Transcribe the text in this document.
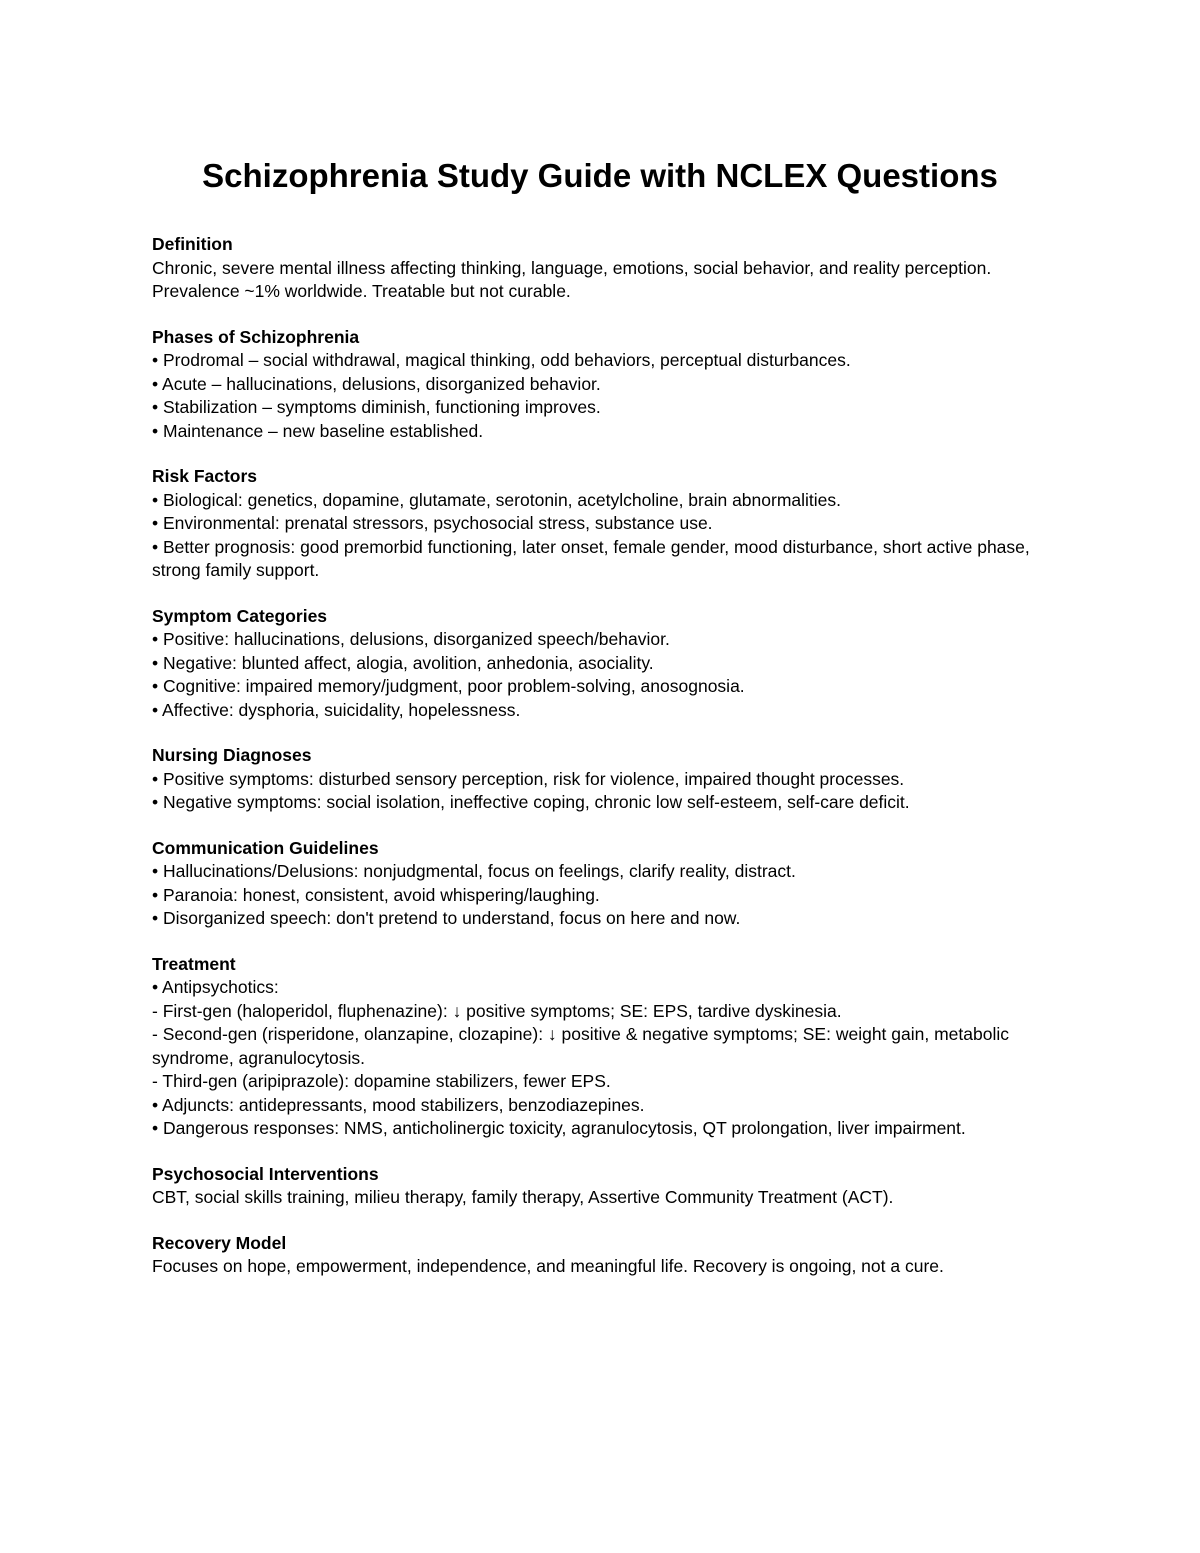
Schizophrenia Study Guide with NCLEX Questions

Definition

Chronic, severe mental illness affecting thinking, language, emotions, social behavior, and reality perception. Prevalence ~1% worldwide. Treatable but not curable.

Phases of Schizophrenia

• Prodromal – social withdrawal, magical thinking, odd behaviors, perceptual disturbances.

• Acute – hallucinations, delusions, disorganized behavior.

• Stabilization – symptoms diminish, functioning improves.

• Maintenance – new baseline established.

Risk Factors

• Biological: genetics, dopamine, glutamate, serotonin, acetylcholine, brain abnormalities.

• Environmental: prenatal stressors, psychosocial stress, substance use.

• Better prognosis: good premorbid functioning, later onset, female gender, mood disturbance, short active phase, strong family support.

Symptom Categories

• Positive: hallucinations, delusions, disorganized speech/behavior.

• Negative: blunted affect, alogia, avolition, anhedonia, asociality.

• Cognitive: impaired memory/judgment, poor problem-solving, anosognosia.

• Affective: dysphoria, suicidality, hopelessness.

Nursing Diagnoses

• Positive symptoms: disturbed sensory perception, risk for violence, impaired thought processes.

• Negative symptoms: social isolation, ineffective coping, chronic low self-esteem, self-care deficit.

Communication Guidelines

• Hallucinations/Delusions: nonjudgmental, focus on feelings, clarify reality, distract.

• Paranoia: honest, consistent, avoid whispering/laughing.

• Disorganized speech: don't pretend to understand, focus on here and now.

Treatment

• Antipsychotics:

- First-gen (haloperidol, fluphenazine): ↓ positive symptoms; SE: EPS, tardive dyskinesia.

- Second-gen (risperidone, olanzapine, clozapine): ↓ positive & negative symptoms; SE: weight gain, metabolic syndrome, agranulocytosis.

- Third-gen (aripiprazole): dopamine stabilizers, fewer EPS.

• Adjuncts: antidepressants, mood stabilizers, benzodiazepines.

• Dangerous responses: NMS, anticholinergic toxicity, agranulocytosis, QT prolongation, liver impairment.

Psychosocial Interventions

CBT, social skills training, milieu therapy, family therapy, Assertive Community Treatment (ACT).

Recovery Model

Focuses on hope, empowerment, independence, and meaningful life. Recovery is ongoing, not a cure.
